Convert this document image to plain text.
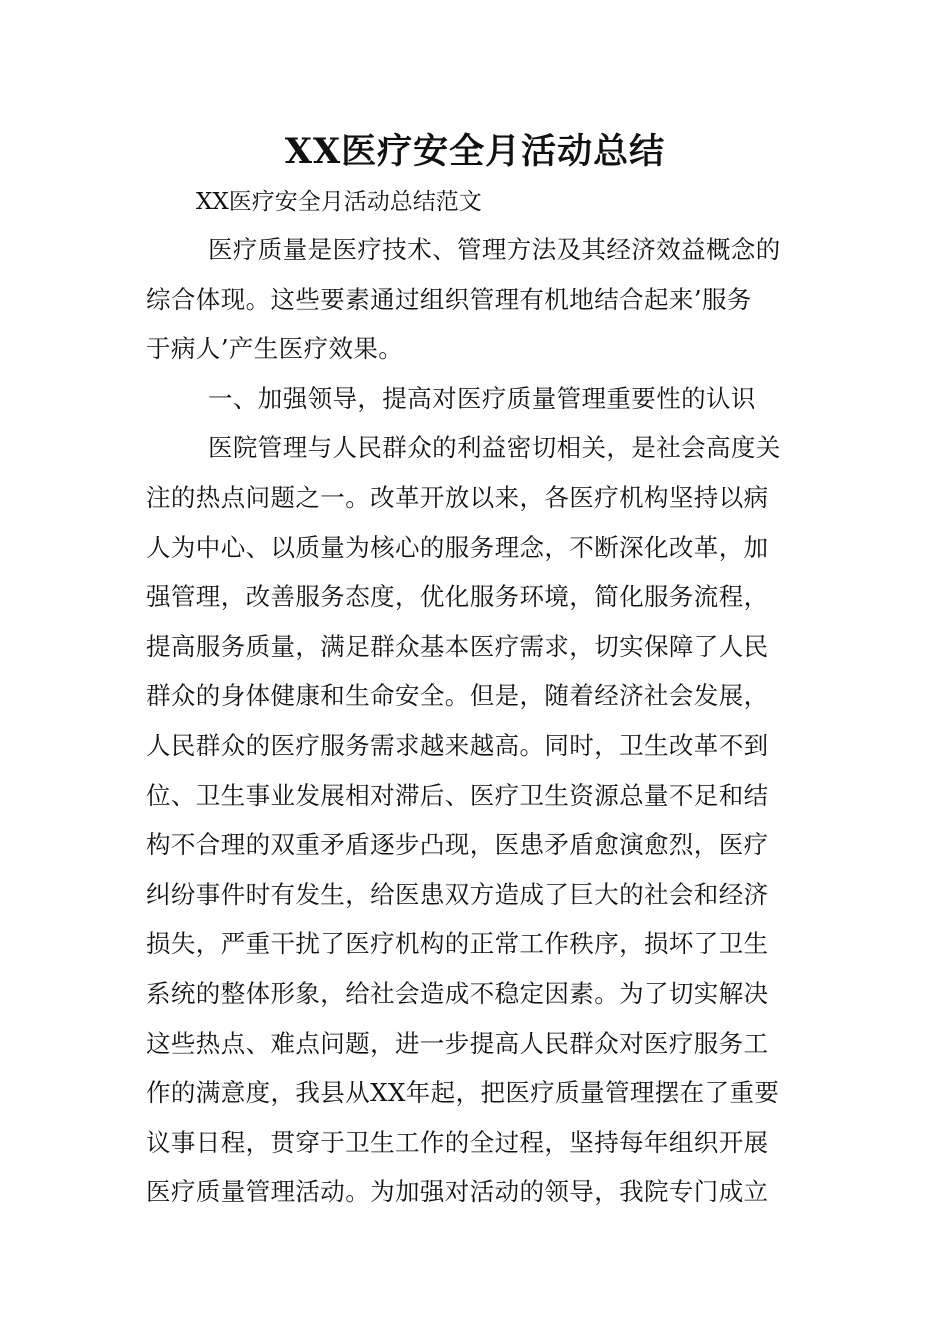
XX医疗安全月活动总结

XX医疗安全月活动总结范文

医疗质量是医疗技术、管理方法及其经济效益概念的

综合体现。这些要素通过组织管理有机地结合起来’服务

于病人’产生医疗效果。

一、加强领导，提高对医疗质量管理重要性的认识

医院管理与人民群众的利益密切相关，是社会高度关

注的热点问题之一。改革开放以来，各医疗机构坚持以病

人为中心、以质量为核心的服务理念，不断深化改革，加

强管理，改善服务态度，优化服务环境，简化服务流程，

提高服务质量，满足群众基本医疗需求，切实保障了人民

群众的身体健康和生命安全。但是，随着经济社会发展，

人民群众的医疗服务需求越来越高。同时，卫生改革不到

位、卫生事业发展相对滞后、医疗卫生资源总量不足和结

构不合理的双重矛盾逐步凸现，医患矛盾愈演愈烈，医疗

纠纷事件时有发生，给医患双方造成了巨大的社会和经济

损失，严重干扰了医疗机构的正常工作秩序，损坏了卫生

系统的整体形象，给社会造成不稳定因素。为了切实解决

这些热点、难点问题，进一步提高人民群众对医疗服务工

作的满意度，我县从XX年起，把医疗质量管理摆在了重要

议事日程，贯穿于卫生工作的全过程，坚持每年组织开展

医疗质量管理活动。为加强对活动的领导，我院专门成立
